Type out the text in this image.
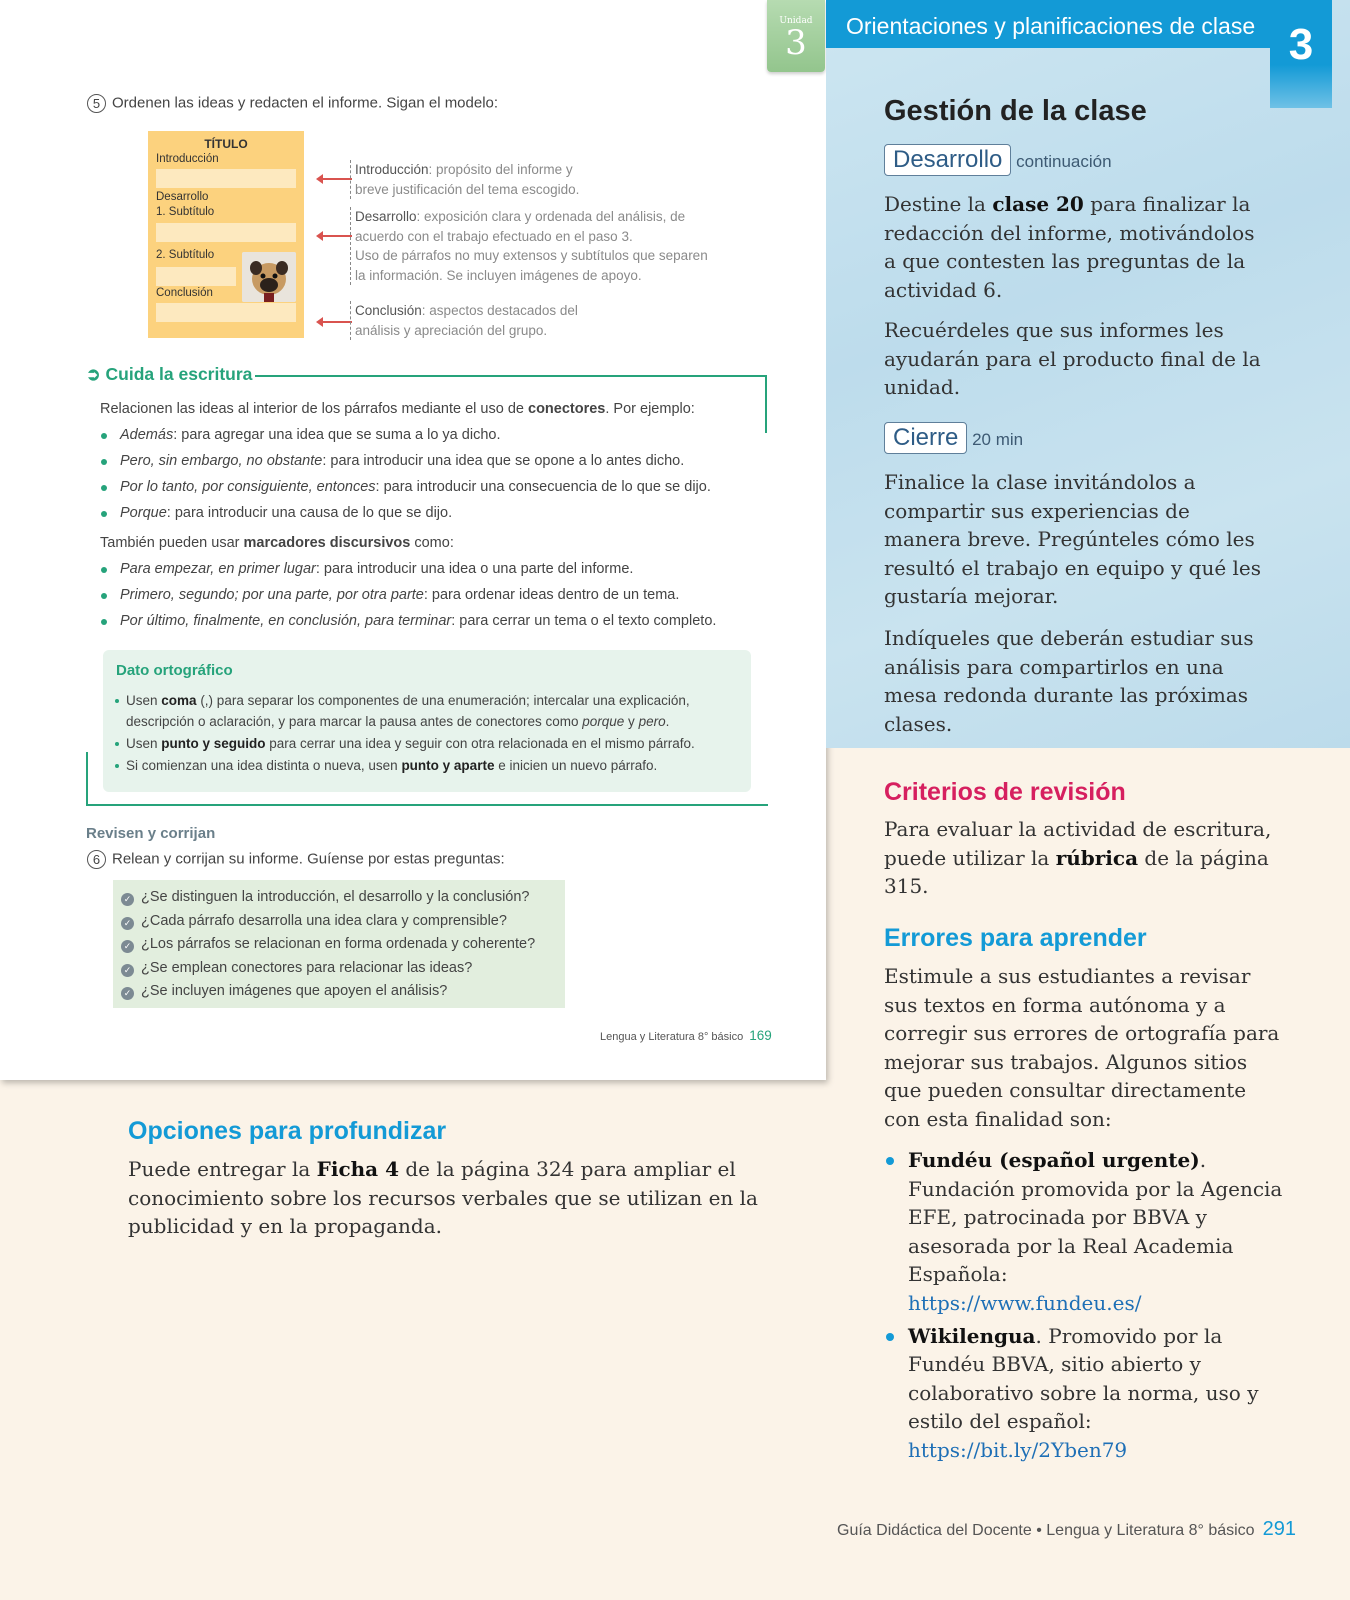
Unidad
3
5 Ordenen las ideas y redacten el informe. Sigan el modelo:
TÍTULO
Introducción
Desarrollo
1. Subtítulo
2. Subtítulo
Conclusión
Introducción: propósito del informe y breve justificación del tema escogido.
Desarrollo: exposición clara y ordenada del análisis, de acuerdo con el trabajo efectuado en el paso 3.
Uso de párrafos no muy extensos y subtítulos que separen la información. Se incluyen imágenes de apoyo.
Conclusión: aspectos destacados del análisis y apreciación del grupo.
➲ Cuida la escritura
Relacionen las ideas al interior de los párrafos mediante el uso de conectores. Por ejemplo:
Además: para agregar una idea que se suma a lo ya dicho.
Pero, sin embargo, no obstante: para introducir una idea que se opone a lo antes dicho.
Por lo tanto, por consiguiente, entonces: para introducir una consecuencia de lo que se dijo.
Porque: para introducir una causa de lo que se dijo.
También pueden usar marcadores discursivos como:
Para empezar, en primer lugar: para introducir una idea o una parte del informe.
Primero, segundo; por una parte, por otra parte: para ordenar ideas dentro de un tema.
Por último, finalmente, en conclusión, para terminar: para cerrar un tema o el texto completo.
Dato ortográfico
Usen coma (,) para separar los componentes de una enumeración; intercalar una explicación, descripción o aclaración, y para marcar la pausa antes de conectores como porque y pero.
Usen punto y seguido para cerrar una idea y seguir con otra relacionada en el mismo párrafo.
Si comienzan una idea distinta o nueva, usen punto y aparte e inicien un nuevo párrafo.
Revisen y corrijan
6 Relean y corrijan su informe. Guíense por estas preguntas:
✓ ¿Se distinguen la introducción, el desarrollo y la conclusión?
✓ ¿Cada párrafo desarrolla una idea clara y comprensible?
✓ ¿Los párrafos se relacionan en forma ordenada y coherente?
✓ ¿Se emplean conectores para relacionar las ideas?
✓ ¿Se incluyen imágenes que apoyen el análisis?
Lengua y Literatura 8° básico 169
Orientaciones y planificaciones de clase 3
Gestión de la clase
Desarrollo continuación
Destine la clase 20 para finalizar la redacción del informe, motivándolos a que contesten las preguntas de la actividad 6.
Recuérdeles que sus informes les ayudarán para el producto final de la unidad.
Cierre 20 min
Finalice la clase invitándolos a compartir sus experiencias de manera breve. Pregúnteles cómo les resultó el trabajo en equipo y qué les gustaría mejorar.
Indíqueles que deberán estudiar sus análisis para compartirlos en una mesa redonda durante las próximas clases.
Criterios de revisión
Para evaluar la actividad de escritura, puede utilizar la rúbrica de la página 315.
Errores para aprender
Estimule a sus estudiantes a revisar sus textos en forma autónoma y a corregir sus errores de ortografía para mejorar sus trabajos. Algunos sitios que pueden consultar directamente con esta finalidad son:
Fundéu (español urgente). Fundación promovida por la Agencia EFE, patrocinada por BBVA y asesorada por la Real Academia Española:
https://www.fundeu.es/
Wikilengua. Promovido por la Fundéu BBVA, sitio abierto y colaborativo sobre la norma, uso y estilo del español:
https://bit.ly/2Yben79
Opciones para profundizar
Puede entregar la Ficha 4 de la página 324 para ampliar el conocimiento sobre los recursos verbales que se utilizan en la publicidad y en la propaganda.
Guía Didáctica del Docente • Lengua y Literatura 8° básico 291
